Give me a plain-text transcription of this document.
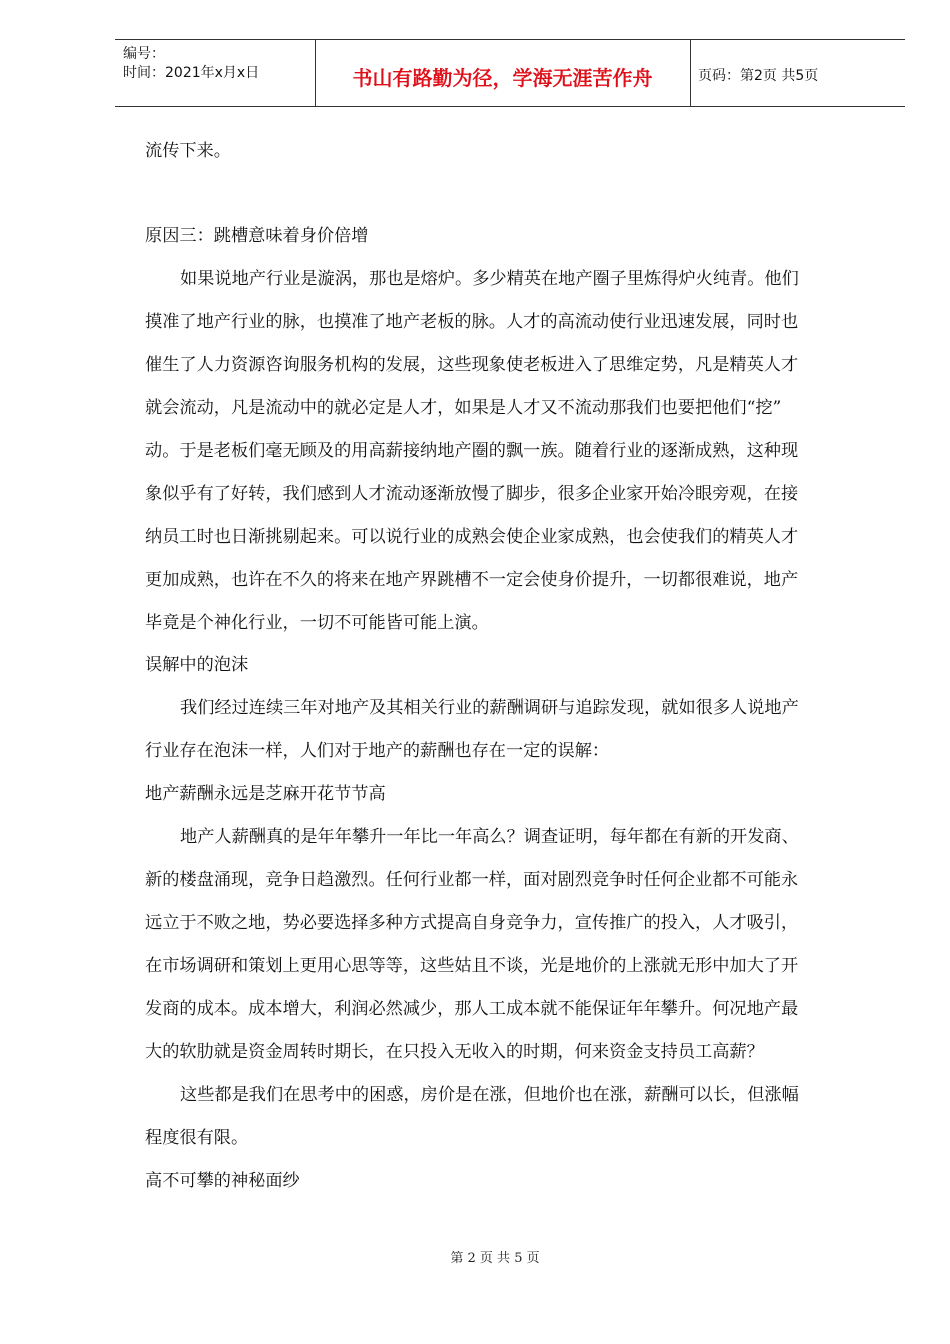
编号：
时间：2021年x月x日	书山有路勤为径，学海无涯苦作舟	页码：第2页 共5页
流传下来。
原因三：跳槽意味着身价倍增
如果说地产行业是漩涡，那也是熔炉。多少精英在地产圈子里炼得炉火纯青。他们
摸准了地产行业的脉，也摸准了地产老板的脉。人才的高流动使行业迅速发展，同时也
催生了人力资源咨询服务机构的发展，这些现象使老板进入了思维定势，凡是精英人才
就会流动，凡是流动中的就必定是人才，如果是人才又不流动那我们也要把他们“挖”
动。于是老板们毫无顾及的用高薪接纳地产圈的飘一族。随着行业的逐渐成熟，这种现
象似乎有了好转，我们感到人才流动逐渐放慢了脚步，很多企业家开始冷眼旁观，在接
纳员工时也日渐挑剔起来。可以说行业的成熟会使企业家成熟，也会使我们的精英人才
更加成熟，也许在不久的将来在地产界跳槽不一定会使身价提升，一切都很难说，地产
毕竟是个神化行业，一切不可能皆可能上演。
误解中的泡沫
我们经过连续三年对地产及其相关行业的薪酬调研与追踪发现，就如很多人说地产
行业存在泡沫一样，人们对于地产的薪酬也存在一定的误解：
地产薪酬永远是芝麻开花节节高
地产人薪酬真的是年年攀升一年比一年高么？调查证明，每年都在有新的开发商、
新的楼盘涌现，竞争日趋激烈。任何行业都一样，面对剧烈竞争时任何企业都不可能永
远立于不败之地，势必要选择多种方式提高自身竞争力，宣传推广的投入，人才吸引，
在市场调研和策划上更用心思等等，这些姑且不谈，光是地价的上涨就无形中加大了开
发商的成本。成本增大，利润必然减少，那人工成本就不能保证年年攀升。何况地产最
大的软肋就是资金周转时期长，在只投入无收入的时期，何来资金支持员工高薪？
这些都是我们在思考中的困惑，房价是在涨，但地价也在涨，薪酬可以长，但涨幅
程度很有限。
高不可攀的神秘面纱
第 2 页 共 5 页
